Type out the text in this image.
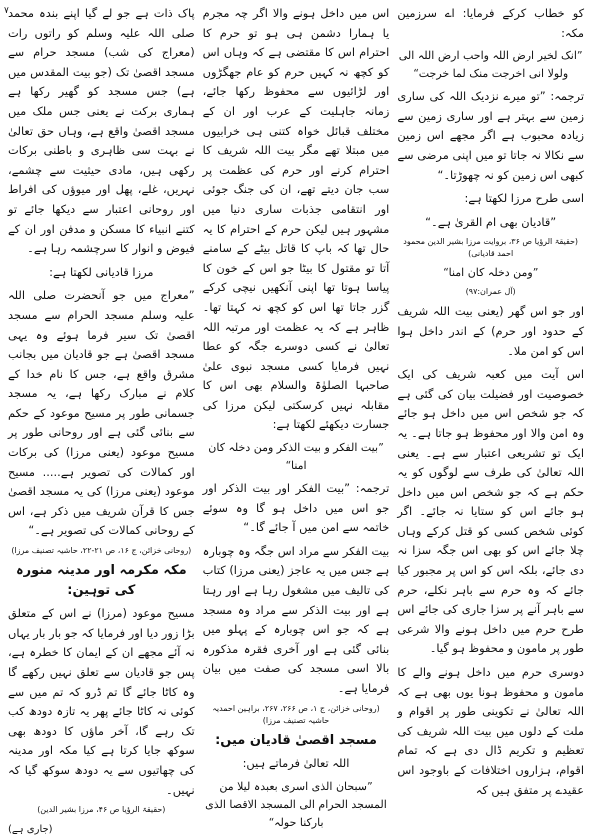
۷	کو خطاب کرکے فرمایا: اے سرزمین مکہ:

”انک لخیر ارض اللہ واحب ارض اللہ الی ولولا انی اخرجت منک لما خرجت“

ترجمہ: ”تو میرے نزدیک اللہ کی ساری زمین سے بہتر ہے اور ساری زمین سے زیادہ محبوب ہے اگر مجھے اس زمین سے نکالا نہ جاتا تو میں اپنی مرضی سے کبھی اس زمین کو نہ چھوڑتا۔“

اسی طرح مرزا لکھتا ہے:

”قادیان بھی ام القریٰ ہے۔“

(حقیقۃ الرؤیا ص ۳۶، بروایت مرزا بشیر الدین محمود احمد قادیانی)

”ومن دخلہ کان امنا“

(آل عمران:۹۷)

اور جو اس گھر (یعنی بیت اللہ شریف کے حدود اور حرم) کے اندر داخل ہوا اس کو امن ملا۔

اس آیت میں کعبہ شریف کی ایک خصوصیت اور فضیلت بیان کی گئی ہے کہ جو شخص اس میں داخل ہو جائے وہ امن والا اور محفوظ ہو جاتا ہے۔ یہ ایک تو تشریعی اعتبار سے ہے۔ یعنی اللہ تعالیٰ کی طرف سے لوگوں کو یہ حکم ہے کہ جو شخص اس میں داخل ہو جائے اس کو ستایا نہ جائے۔ اگر کوئی شخص کسی کو قتل کرکے وہاں چلا جائے اس کو بھی اس جگہ سزا نہ دی جائے، بلکہ اس کو اس پر مجبور کیا جائے کہ وہ حرم سے باہر نکلے، حرم سے باہر آنے پر سزا جاری کی جائے اس طرح حرم میں داخل ہونے والا شرعی طور پر مامون و محفوظ ہو گیا۔

دوسری حرم میں داخل ہونے والے کا مامون و محفوظ ہونا یوں بھی ہے کہ اللہ تعالیٰ نے تکوینی طور پر اقوام و ملت کے دلوں میں بیت اللہ شریف کی تعظیم و تکریم ڈال دی ہے کہ تمام اقوام، ہزاروں اختلافات کے باوجود اس عقیدے پر متفق ہیں کہ

اس میں داخل ہونے والا اگر چہ مجرم یا ہمارا دشمن ہی ہو تو حرم کا احترام اس کا مقتضی ہے کہ وہاں اس کو کچھ نہ کہیں حرم کو عام جھگڑوں اور لڑائیوں سے محفوظ رکھا جائے، زمانہ جاہلیت کے عرب اور ان کے مختلف قبائل خواہ کتنی ہی خرابیوں میں مبتلا تھے مگر بیت اللہ شریف کا احترام کرنے اور حرم کی عظمت پر سب جان دیتے تھے، ان کی جنگ جوئی اور انتقامی جذبات ساری دنیا میں مشہور ہیں لیکن حرم کے احترام کا یہ حال تھا کہ باپ کا قاتل بیٹے کے سامنے آتا تو مقتول کا بیٹا جو اس کے خون کا پیاسا ہوتا تھا اپنی آنکھیں نیچی کرکے گزر جاتا تھا اس کو کچھ نہ کہتا تھا۔ ظاہر ہے کہ یہ عظمت اور مرتبہ اللہ تعالیٰ نے کسی دوسرے جگہ کو عطا نہیں فرمایا کسی مسجد نبوی علیٰ صاحبہا الصلوٰۃ والسلام بھی اس کا مقابلہ نہیں کرسکتی لیکن مرزا کی جسارت دیکھئے لکھتا ہے:

”بیت الفکر و بیت الذکر ومن دخلہ کان امنا“

ترجمہ: ”بیت الفکر اور بیت الذکر اور جو اس میں داخل ہو گا وہ سوئے خاتمہ سے امن میں آ جائے گا۔“

بیت الفکر سے مراد اس جگہ وہ چوبارہ ہے جس میں یہ عاجز (یعنی مرزا) کتاب کی تالیف میں مشغول رہا ہے اور رہتا ہے اور بیت الذکر سے مراد وہ مسجد ہے کہ جو اس چوبارہ کے پہلو میں بنائی گئی ہے اور آخری فقرہ مذکورہ بالا اسی مسجد کی صفت میں بیان فرمایا ہے۔

(روحانی خزائن، ج ۱، ص ۲۶۶، ۲۶۷، براہین احمدیہ حاشیہ تصنیف مرزا)

مسجد اقصیٰ قادیان میں:

اللہ تعالیٰ فرماتے ہیں:

”سبحان الذی اسری بعبدہ لیلا من المسجد الحرام الی المسجد الاقصا الذی بارکنا حولہ“

پاک ذات ہے جو لے گیا اپنے بندہ محمد صلی اللہ علیہ وسلم کو راتوں رات (معراج کی شب) مسجد حرام سے مسجد اقصیٰ تک (جو بیت المقدس میں ہے) جس مسجد کو گھیر رکھا ہے ہماری برکت نے یعنی جس ملک میں مسجد اقصیٰ واقع ہے، وہاں حق تعالیٰ نے بہت سی ظاہری و باطنی برکات رکھی ہیں، مادی حیثیت سے چشمے، نہریں، غلے، پھل اور میوؤں کی افراط اور روحانی اعتبار سے دیکھا جائے تو کتنے انبیاء کا مسکن و مدفن اور ان کے فیوض و انوار کا سرچشمہ رہا ہے۔

مرزا قادیانی لکھتا ہے:

”معراج میں جو آنحضرت صلی اللہ علیہ وسلم مسجد الحرام سے مسجد اقصیٰ تک سیر فرما ہوئے وہ یہی مسجد اقصیٰ ہے جو قادیان میں بجانب مشرق واقع ہے، جس کا نام خدا کے کلام نے مبارک رکھا ہے، یہ مسجد جسمانی طور پر مسیح موعود کے حکم سے بنائی گئی ہے اور روحانی طور پر مسیح موعود (یعنی مرزا) کی برکات اور کمالات کی تصویر ہے..... مسیح موعود (یعنی مرزا) کی یہ مسجد اقصیٰ جس کا قرآن شریف میں ذکر ہے، اس کے روحانی کمالات کی تصویر ہے۔“

(روحانی خزائن، ج ۱۶، ص ۲۱-۲۲، حاشیہ تصنیف مرزا)

مکہ مکرمہ اور مدینہ منورہ کی توہین:

مسیح موعود (مرزا) نے اس کے متعلق بڑا زور دیا اور فرمایا کہ جو بار بار یہاں نہ آئے مجھے ان کے ایمان کا خطرہ ہے، پس جو قادیان سے تعلق نہیں رکھے گا وہ کاٹا جائے گا تم ڈرو کہ تم میں سے کوئی نہ کاٹا جائے پھر یہ تازہ دودھ کب تک رہے گا، آخر ماؤں کا دودھ بھی سوکھ جایا کرتا ہے کیا مکہ اور مدینہ کی چھاتیوں سے یہ دودھ سوکھ گیا کہ نہیں۔

(حقیقۃ الرؤیا ص ۴۶، مرزا بشیر الدین)

(جاری ہے)
